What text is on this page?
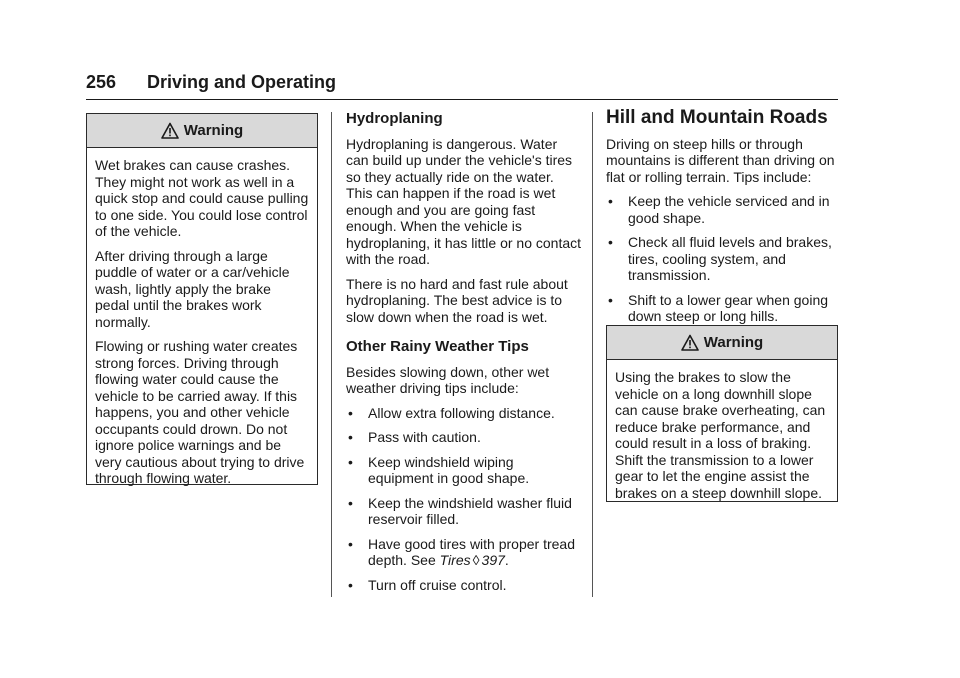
256 Driving and Operating
Warning

Wet brakes can cause crashes. They might not work as well in a quick stop and could cause pulling to one side. You could lose control of the vehicle.

After driving through a large puddle of water or a car/vehicle wash, lightly apply the brake pedal until the brakes work normally.

Flowing or rushing water creates strong forces. Driving through flowing water could cause the vehicle to be carried away. If this happens, you and other vehicle occupants could drown. Do not ignore police warnings and be very cautious about trying to drive through flowing water.

Hydroplaning

Hydroplaning is dangerous. Water can build up under the vehicle's tires so they actually ride on the water. This can happen if the road is wet enough and you are going fast enough. When the vehicle is hydroplaning, it has little or no contact with the road.

There is no hard and fast rule about hydroplaning. The best advice is to slow down when the road is wet.

Other Rainy Weather Tips

Besides slowing down, other wet weather driving tips include:

• Allow extra following distance.
• Pass with caution.
• Keep windshield wiping equipment in good shape.
• Keep the windshield washer fluid reservoir filled.
• Have good tires with proper tread depth. See Tires ◊ 397.
• Turn off cruise control.
Hill and Mountain Roads

Driving on steep hills or through mountains is different than driving on flat or rolling terrain. Tips include:

• Keep the vehicle serviced and in good shape.
• Check all fluid levels and brakes, tires, cooling system, and transmission.
• Shift to a lower gear when going down steep or long hills.
Warning

Using the brakes to slow the vehicle on a long downhill slope can cause brake overheating, can reduce brake performance, and could result in a loss of braking. Shift the transmission to a lower gear to let the engine assist the brakes on a steep downhill slope.
